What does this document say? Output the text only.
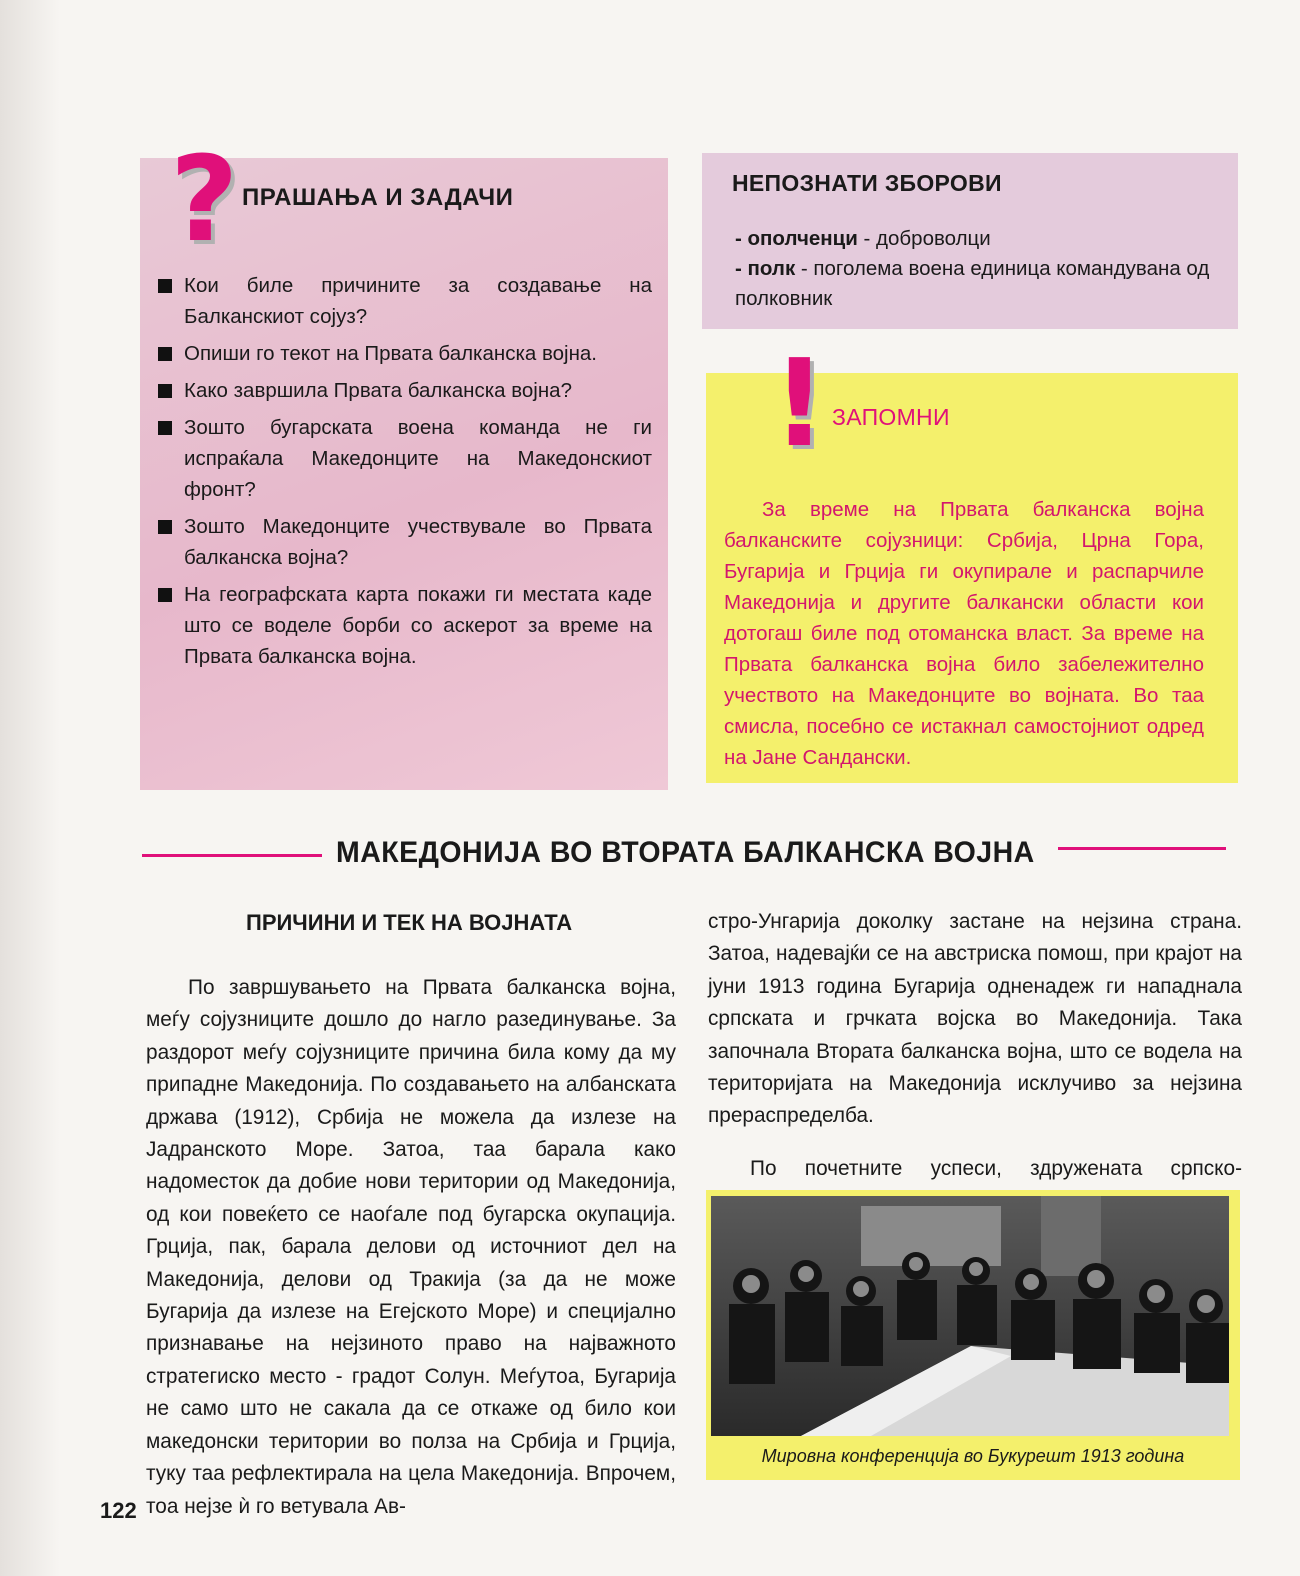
? ПРАШАЊА И ЗАДАЧИ
Кои биле причините за создавање на Балканскиот сојуз?
Опиши го текот на Првата балканска војна.
Како завршила Првата балканска војна?
Зошто бугарската воена команда не ги испраќала Македонците на Македонскиот фронт?
Зошто Македонците учествувале во Првата балканска војна?
На географската карта покажи ги местата каде што се воделе борби со аскерот за време на Првата балканска војна.
НЕПОЗНАТИ ЗБОРОВИ
- ополченци - доброволци
- полк - поголема воена единица командувана од полковник
! ЗАПОМНИ
За време на Првата балканска војна балканските сојузници: Србија, Црна Гора, Бугарија и Грција ги окупирале и распарчиле Македонија и другите балкански области кои дотогаш биле под отоманска власт. За време на Првата балканска војна било забележително учеството на Македонците во војната. Во таа смисла, посебно се истакнал самостојниот одред на Јане Сандански.
МАКЕДОНИЈА ВО ВТОРАТА БАЛКАНСКА ВОЈНА
ПРИЧИНИ И ТЕК НА ВОЈНАТА

По завршувањето на Првата балканска војна, меѓу сојузниците дошло до нагло разединување. За раздорот меѓу сојузниците причина била кому да му припадне Македонија. По создавањето на албанската држава (1912), Србија не можела да излезе на Јадранското Море. Затоа, таа барала како надоместок да добие нови територии од Македонија, од кои повеќето се наоѓале под бугарска окупација. Грција, пак, барала делови од источниот дел на Македонија, делови од Тракија (за да не може Бугарија да излезе на Егејското Море) и специјално признавање на нејзиното право на најважното стратегиско место - градот Солун. Меѓутоа, Бугарија не само што не сакала да се откаже од било кои македонски територии во полза на Србија и Грција, туку таа рефлектирала на цела Македонија. Впрочем, тоа нејзе ѝ го ветувала Ав-

стро-Унгарија доколку застане на нејзина страна. Затоа, надевајќи се на австриска помош, при крајот на јуни 1913 година Бугарија одненадеж ги нападнала српската и грчката војска во Македонија. Така започнала Втората балканска војна, што се водела на територијата на Македонија исклучиво за нејзина прераспределба.

По почетните успеси, здружената српско-

Мировна конференција во Букурешт 1913 година
122
